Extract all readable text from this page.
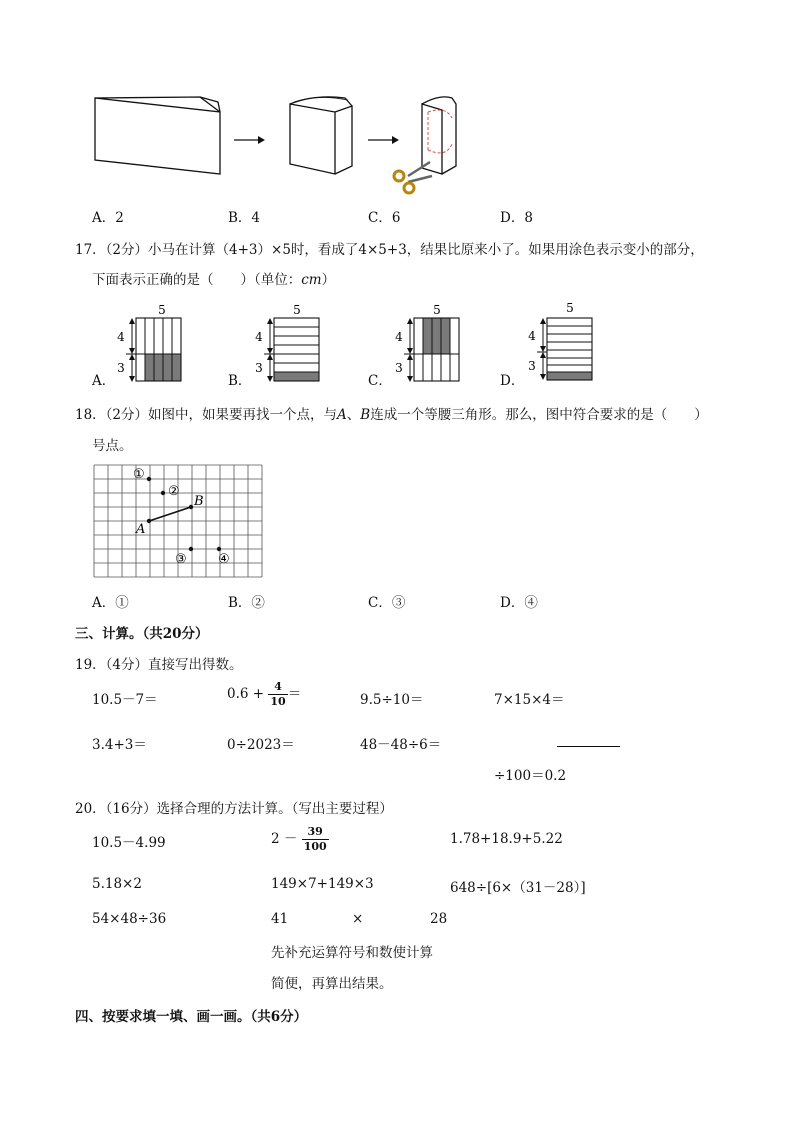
A．2	B．4	C．6	D．8
17．（2分）小马在计算（4+3）×5时，看成了4×5+3，结果比原来小了。如果用涂色表示变小的部分，
下面表示正确的是（　　）（单位：cm）
5
4
3
A．
5
4
3
B．
5
4
3
C．
5
4
3
D．
18．（2分）如图中，如果要再找一个点，与A、B连成一个等腰三角形。那么，图中符合要求的是（　　）
号点。
A
B
①
②
③ ④
A．①	B．②	C．③	D．④
三、计算。（共20分）
19．（4分）直接写出得数。
10.5－7＝	$0.6 + \frac{4}{10}$ ＝	9.5÷10＝	7×15×4＝
3.4+3＝	0÷2023＝	48－48÷6＝
÷100＝0.2
20．（16分）选择合理的方法计算。（写出主要过程）
10.5－4.99	$2 - \frac{39}{100}$	1.78+18.9+5.22
5.18×2	149×7+149×3	648÷[6×（31－28）]
54×48÷36	41	×	28
先补充运算符号和数使计算
简便，再算出结果。
四、按要求填一填、画一画。（共6分）
